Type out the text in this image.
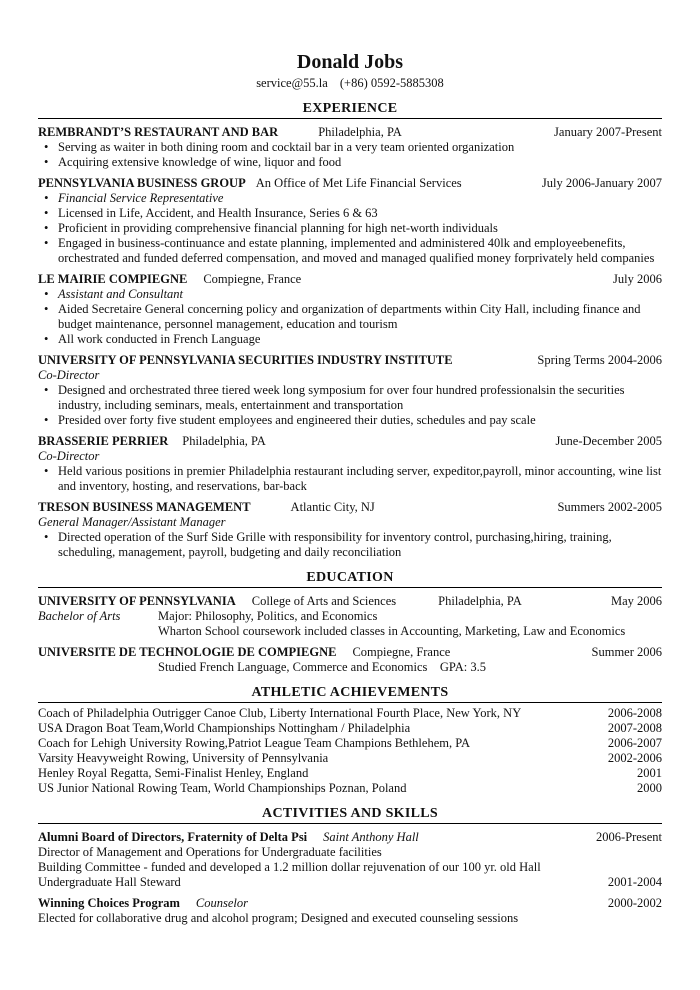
Donald Jobs
service@55.la (+86) 0592-5885308
EXPERIENCE
REMBRANDT’S RESTAURANT AND BAR	Philadelphia, PA	January 2007-Present
• Serving as waiter in both dining room and cocktail bar in a very team oriented organization
• Acquiring extensive knowledge of wine, liquor and food
PENNSYLVANIA BUSINESS GROUP An Office of Met Life Financial Services	July 2006-January 2007
• Financial Service Representative
• Licensed in Life, Accident, and Health Insurance, Series 6 & 63
• Proficient in providing comprehensive financial planning for high net-worth individuals
• Engaged in business-continuance and estate planning, implemented and administered 40lk and employeebenefits, orchestrated and funded deferred compensation, and moved and managed qualified money forprivately held companies
LE MAIRIE COMPIEGNE Compiegne, France	July 2006
• Assistant and Consultant
• Aided Secretaire General concerning policy and organization of departments within City Hall, including finance and budget maintenance, personnel management, education and tourism
• All work conducted in French Language
UNIVERSITY OF PENNSYLVANIA SECURITIES INDUSTRY INSTITUTE	Spring Terms 2004-2006
Co-Director
• Designed and orchestrated three tiered week long symposium for over four hundred professionalsin the securities industry, including seminars, meals, entertainment and transportation
• Presided over forty five student employees and engineered their duties, schedules and pay scale
BRASSERIE PERRIER Philadelphia, PA	June-December 2005
Co-Director
• Held various positions in premier Philadelphia restaurant including server, expeditor,payroll, minor accounting, wine list and inventory, hosting, and reservations, bar-back
TRESON BUSINESS MANAGEMENT	Atlantic City, NJ	Summers 2002-2005
General Manager/Assistant Manager
• Directed operation of the Surf Side Grille with responsibility for inventory control, purchasing,hiring, training, scheduling, management, payroll, budgeting and daily reconciliation
EDUCATION
UNIVERSITY OF PENNSYLVANIA College of Arts and Sciences	Philadelphia, PA	May 2006
Bachelor of Arts	Major: Philosophy, Politics, and Economics
Wharton School coursework included classes in Accounting, Marketing, Law and Economics
UNIVERSITE DE TECHNOLOGIE DE COMPIEGNE Compiegne, France	Summer 2006
Studied French Language, Commerce and Economics    GPA: 3.5
ATHLETIC ACHIEVEMENTS
Coach of Philadelphia Outrigger Canoe Club, Liberty International Fourth Place, New York, NY	2006-2008
USA Dragon Boat Team,World Championships Nottingham / Philadelphia	2007-2008
Coach for Lehigh University Rowing,Patriot League Team Champions Bethlehem, PA	2006-2007
Varsity Heavyweight Rowing, University of Pennsylvania	2002-2006
Henley Royal Regatta, Semi-Finalist Henley, England	2001
US Junior National Rowing Team, World Championships Poznan, Poland	2000
ACTIVITIES AND SKILLS
Alumni Board of Directors, Fraternity of Delta Psi Saint Anthony Hall	2006-Present
Director of Management and Operations for Undergraduate facilities
Building Committee - funded and developed a 1.2 million dollar rejuvenation of our 100 yr. old Hall
Undergraduate Hall Steward	2001-2004
Winning Choices Program Counselor	2000-2002
Elected for collaborative drug and alcohol program; Designed and executed counseling sessions
